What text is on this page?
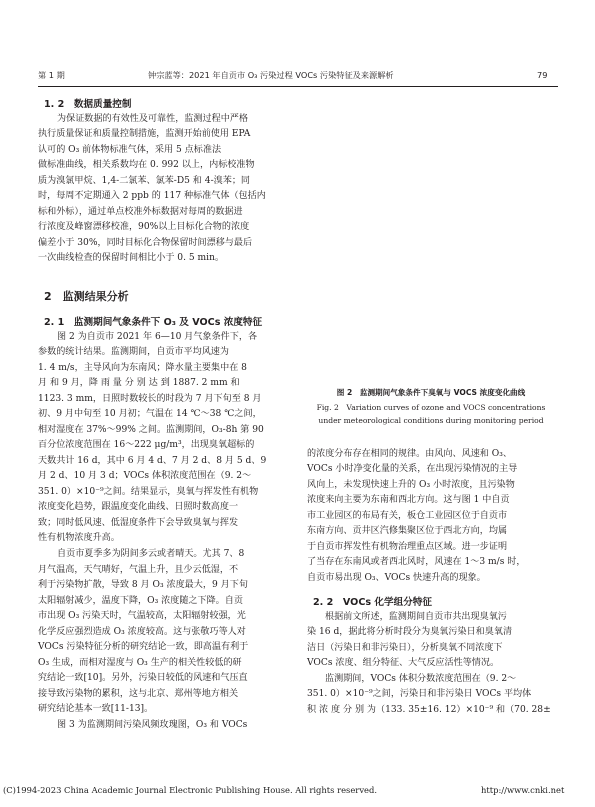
第 1 期	钟宗蓝等：2021 年自贡市 O₃ 污染过程 VOCs 污染特征及来源解析	79
1. 2　数据质量控制
为保证数据的有效性及可靠性，监测过程中严格
执行质量保证和质量控制措施，监测开始前使用 EPA
认可的 O₃ 前体物标准气体，采用 5 点标准法
做标准曲线，相关系数均在 0. 992 以上，内标校准物
质为溴氯甲烷、1,4-二氯苯、氯苯-D5 和 4-溴苯；同
时，每周不定期通入 2 ppb 的 117 种标准气体（包括内
标和外标），通过单点校准外标数据对每周的数据进
行浓度及峰窗漂移校准，90%以上目标化合物的浓度
偏差小于 30%，同时目标化合物保留时间漂移与最后
一次曲线检查的保留时间相比小于 0. 5 min。
2　监测结果分析
2. 1　监测期间气象条件下 O₃ 及 VOCs 浓度特征
图 2 为自贡市 2021 年 6—10 月气象条件下，各
参数的统计结果。监测期间，自贡市平均风速为
1. 4 m/s，主导风向为东南风；降水量主要集中在 8
月 和 9 月，降 雨 量 分 别 达 到 1887. 2 mm 和
1123. 3 mm，日照时数较长的时段为 7 月下旬至 8 月
初、9 月中旬至 10 月初；气温在 14 ℃～38 ℃之间，
相对湿度在 37%～99% 之间。监测期间，O₃-8h 第 90
百分位浓度范围在 16～222 μg/m³，出现臭氧超标的
天数共计 16 d，其中 6 月 4 d、7 月 2 d、8 月 5 d、9
月 2 d、10 月 3 d；VOCs 体积浓度范围在（9. 2～
351. 0）×10⁻⁹之间。结果显示，臭氧与挥发性有机物
浓度变化趋势，跟温度变化曲线、日照时数高度一
致；同时低风速、低湿度条件下会导致臭氧与挥发
性有机物浓度升高。
自贡市夏季多为阴间多云或者晴天。尤其 7、8
月气温高，天气晴好，气温上升，且少云低湿，不
利于污染物扩散，导致 8 月 O₃ 浓度最大，9 月下旬
太阳辐射减少，温度下降，O₃ 浓度随之下降。自贡
市出现 O₃ 污染天时，气温较高，太阳辐射较强，光
化学反应强烈造成 O₃ 浓度较高。这与张敬巧等人对
VOCs 污染特征分析的研究结论一致，即高温有利于
O₃ 生成，而相对湿度与 O₃ 生产的相关性较低的研
究结论一致[10]。另外，污染日较低的风速和气压直
接导致污染物的累积，这与北京、郑州等地方相关
研究结论基本一致[11-13]。
图 3 为监测期间污染风频玫瑰图，O₃ 和 VOCs
图 2　监测期间气象条件下臭氧与 VOCS 浓度变化曲线
Fig. 2　Variation curves of ozone and VOCS concentrations
under meteorological conditions during monitoring period
的浓度分布存在相同的规律。由风向、风速和 O₃、
VOCs 小时净变化量的关系，在出现污染情况的主导
风向上，未发现快速上升的 O₃ 小时浓度，且污染物
浓度来向主要为东南和西北方向。这与图 1 中自贡
市工业园区的布局有关，板仓工业园区位于自贡市
东南方向、贡井区汽修集聚区位于西北方向，均属
于自贡市挥发性有机物治理重点区域。进一步证明
了当存在东南风或者西北风时，风速在 1～3 m/s 时，
自贡市易出现 O₃、VOCs 快速升高的现象。
2. 2　VOCs 化学组分特征
根据前文所述，监测期间自贡市共出现臭氧污
染 16 d，据此将分析时段分为臭氧污染日和臭氧清
洁日（污染日和非污染日），分析臭氧不同浓度下
VOCs 浓度、组分特征、大气反应活性等情况。
监测期间，VOCs 体积分数浓度范围在（9. 2～
351. 0）×10⁻⁹之间，污染日和非污染日 VOCs 平均体
积 浓 度 分 别 为（133. 35±16. 12）×10⁻⁹ 和（70. 28±
(C)1994-2023 China Academic Journal Electronic Publishing House. All rights reserved.	http://www.cnki.net
